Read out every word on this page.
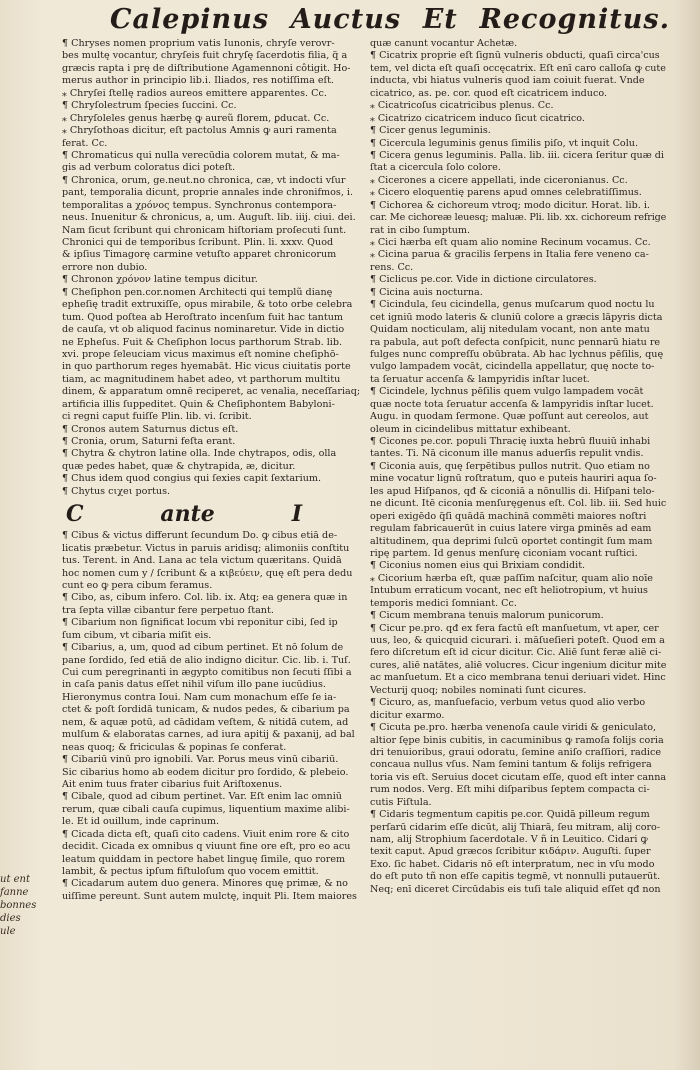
Calepinus Auctus Et Recognitus.

¶ Chryses nomen proprium vatis Iunonis, chryſe verovr-

bes multę vocantur, chryſeis fuit chryſę ſacerdotis filia, q̃ a

græcis rapta i prę de diſtributione Agamennoni côtigit. Ho-

merus author in principio lib.i. Iliados, res notiſſima eſt.

⁎ Chryſei ſtellę radios aureos emittere apparentes. Cc.

¶ Chryſoleɛtrum ſpecies ſuccini. Cc.

⁎ Chryſoleles genus hærbę ꝙ aureũ florem, ꝑducat. Cc.

⁎ Chryſothoas dicitur, eſt pactolus Amnis ꝙ auri ramenta

ferat. Cc.

¶ Chromaticus qui nulla verecūdia colorem mutat, & ma-

gis ad verbum coloratus dici poteſt.

¶ Chronica, orum, ge.neut.no chronica, cæ, vt indocti vſur

pant, temporalia dicunt, proprie annales inde chronifmos, i.

temporalitas a χρόνος tempus. Synchronus contempora-

neus. Inuenitur & chronicus, a, um. Auguſt. lib. iiij. ciui. dei.

Nam ſicut ſcribunt qui chronicam hiſtoriam proſecuti ſunt.

Chronici qui de temporibus ſcribunt. Plin. li. xxxv. Quod

& ipſius Timagorę carmine vetuſto apparet chronicorum

errore non dubio.

¶ Chronon χρόνον latine tempus dicitur.

¶ Cheſiphon pen.cor.nomen Architecti qui templũ dianę

epheſię tradit extruxiſſe, opus mirabile, & toto orbe celebra

tum. Quod poſtea ab Heroſtrato incenſum fuit hac tantum

de cauſa, vt ob aliquod facinus nominaretur. Vide in dictio

ne Epheſus. Fuit & Cheſiphon locus parthorum Strab. lib.

xvi. prope ſeleuciam vicus maximus eſt nomine cheſiphō-

in quo parthorum reges hyemabāt. Hic vicus ciuitatis porte

tiam, ac magnitudinem habet adeo, vt parthorum multitu

dinem, & apparatum omnē reciperet, ac venalia, neceſſariaq;

artificia illis ſuppeditet. Quin & Cheſiphontem Babyloni-

ci regni caput fuiſſe Plin. lib. vi. ſcribit.

¶ Cronos autem Saturnus dictus eſt.

¶ Cronia, orum, Saturni feſta erant.

¶ Chytra & chytron latine olla. Inde chytrapos, odis, olla

quæ pedes habet, quæ & chytrapida, æ, dicitur.

¶ Chus idem quod congius qui ſexies capit ſextarium.

¶ Chytus cιχeι portus.

C	ante	I

¶ Cibus & victus differunt ſecundum Do. ꝙ cibus etiā de-

licatis præbetur. Victus in paruis aridisq; alimoniis conſtitu

tus. Terent. in And. Lana ac tela victum quæritans. Quidā

hoc nomen cum y / ſcribunt & a κιβεύειν, quę eſt pera dedu

cunt eo ꝙ pera cibum feramus.

¶ Cibo, as, cibum infero. Col. lib. ix. Atq; ea genera quæ in

tra ſepta villæ cibantur fere perpetuo ſtant.

¶ Cibarium non ſignificat locum vbi reponitur cibi, ſed ip

ſum cibum, vt cibaria miſit eis.

¶ Cibarius, a, um, quod ad cibum pertinet. Et nō ſolum de

pane ſordido, ſed etiā de alio indigno dicitur. Cic. lib. i. Tuſ.

Cui cum peregrinanti in ægypto comitibus non ſecuti ſſibi a

in caſa panis datus eſſet nihil viſum illo pane iucūdius.

Hieronymus contra Ioui. Nam cum monachum eſſe ſe ia-

ctet & poſt ſordidā tunicam, & nudos pedes, & cibarium pa

nem, & aquæ potū, ad cādidam veſtem, & nitidā cutem, ad

mulſum & elaboratas carnes, ad iura apitij & paxanij, ad bal

neas quoq; & friciculas & popinas ſe conferat.

¶ Cibariū vinū pro ignobili. Var. Porus meus vinū cibariū.

Sic cibarius homo ab eodem dicitur pro ſordido, & plebeio.

Ait enim tuus frater cibarius fuit Ariſtoxenus.

¶ Cibale, quod ad cibum pertinet. Var. Eſt enim lac omniū

rerum, quæ cibali cauſa cupimus, liquentium maxime alibi-

le. Et id ouillum, inde caprinum.

¶ Cicada dicta eſt, quaſi cito cadens. Viuit enim rore & cito

decidit. Cicada ex omnibus q viuunt fine ore eſt, pro eo acu

leatum quiddam in pectore habet linguę ſimile, quo rorem

lambit, & pectus ipſum fiſtuloſum quo vocem emittit.

¶ Cicadarum autem duo genera. Minores quę primæ, & no

uiſſime pereunt. Sunt autem mulctę, inquit Pli. Item maiores

quæ canunt vocantur Achetæ.

¶ Cicatrix proprie eſt ſignū vulneris obducti, quaſi circa'cus

tem, vel dicta eſt quaſi occęcatrix. Eſt enī caro calloſa ꝙ cute

inducta, vbi hiatus vulneris quod iam coiuit fuerat. Vnde

cicatrico, as. pe. cor. quod eſt cicatricem induco.

⁎ Cicatricoſus cicatricibus plenus. Cc.

⁎ Cicatrizo cicatricem induco ſicut cicatrico.

¶ Cicer genus leguminis.

¶ Cicercula leguminis genus ſimilis piſo, vt inquit Colu.

¶ Cicera genus leguminis. Palla. lib. iii. cicera ſeritur quæ di

ſtat a cicercula ſolo colore.

⁎ Cicerones a cicere appellati, inde ciceronianus. Cc.

⁎ Cicero eloquentię parens apud omnes celebratiſſimus.

¶ Cichorea & cichoreum vtroq; modo dicitur. Horat. lib. i.

car. Me cichoreæ leuesq; maluæ. Pli. lib. xx. cichoreum refrige

rat in cibo ſumptum.

⁎ Cici hærba eſt quam alio nomine Recinum vocamus. Cc.

⁎ Cicina parua & gracilis ſerpens in Italia fere veneno ca-

rens. Cc.

¶ Ciclicus pe.cor. Vide in dictione circulatores.

¶ Cicina auis nocturna.

¶ Cicindula, ſeu cicindella, genus muſcarum quod noctu lu

cet igniū modo lateris & cluniū colore a græcis lāpyris dicta

Quidam nocticulam, alij nitedulam vocant, non ante matu

ra pabula, aut poſt defecta conſpicit, nunc pennarū hiatu re

fulges nunc compreſſu obūbrata. Ab hac lychnus pēſilis, quę

vulgo lampadem vocāt, cicindella appellatur, quę nocte to-

ta ſeruatur accenſa & lampyridis inſtar lucet.

¶ Cicindele, lychnus pēſilis quem vulgo lampadem vocāt

quæ nocte tota ſeruatur accenſa & lampyridis inſtar lucet.

Augu. in quodam ſermone. Quæ poſſunt aut cereolos, aut

oleum in cicindelibus mittatur exhibeant.

¶ Cicones pe.cor. populi Thracię iuxta hebrū fluuiū inhabi

tantes. Ti. Nā ciconum ille manus aduerſis repulit vndis.

¶ Ciconia auis, quę ſerpētibus pullos nutrit. Quo etiam no

mine vocatur lignū roſtratum, quo e puteis hauriri aqua ſo-

les apud Hiſpanos, qđ & ciconiā a nōnullis di. Hiſpani telo-

ne dicunt. Itē ciconia menſuręgenus eſt. Col. lib. iii. Sed huic

operi exigēdo q̃ſi quādā machinā commēti maiores noſtri

regulam fabricauerūt in cuius latere virga ꝑminēs ad eam

altitudinem, qua deprimi ſulcū oportet contingit ſum mam

ripę partem. Id genus menſurę ciconiam vocant ruſtici.

¶ Ciconius nomen eius qui Brixiam condidit.

⁎ Cicorium hærba eſt, quæ paſſim naſcitur, quam alio noīe

Intubum erraticum vocant, nec eſt heliotropium, vt huius

temporis medici ſomniant. Cc.

¶ Cicum membrana tenuis malorum punicorum.

¶ Cicur pe.pro. qđ ex fera factū eſt manſuetum, vt aper, cer

uus, leo, & quicquid cicurari. i. māſueſieri poteſt. Quod em a

fero diſcretum eſt id cicur dicitur. Cic. Aliē ſunt feræ aliē ci-

cures, aliē natātes, aliē volucres. Cicur ingenium dicitur mite

ac manſuetum. Et a cico membrana tenui deriuari videt. Hinc

Vecturij quoq; nobiles nominati ſunt cicures.

¶ Cicuro, as, manſuefacio, verbum vetus quod alio verbo

dicitur exarmo.

¶ Cicuta pe.pro. hærba venenoſa caule viridi & geniculato,

altior ſępe binis cubitis, in cacuminibus ꝙ ramoſa folijs coria

dri tenuioribus, graui odoratu, ſemine aniſo craſſiori, radice

concaua nullus vſus. Nam ſemini tantum & folijs refrigera

toria vis eſt. Seruius docet cicutam eſſe, quod eſt inter canna

rum nodos. Verg. Eſt mihi diſparibus ſeptem compacta ci-

cutis Fiſtula.

¶ Cidaris tegmentum capitis pe.cor. Quidā pilleum regum

perſarū cidarim eſſe dicūt, alij Thiarā, ſeu mitram, alij coro-

nam, alij Strophium ſacerdotale. V ñ in Leuitico. Cidari ꝙ

texit caput. Apud græcos ſcribitur κιδάριν. Auguſti. ſuper

Exo. ſic habet. Cidaris nō eſt interpratum, nec in vſu modo

do eſt puto tñ non eſſe capitis tegmē, vt nonnulli putauerūt.

Neq; enī diceret Circūdabis eis tuſi tale aliquid eſſet qđ non

ut ent fanne
bonnes dies
ule
